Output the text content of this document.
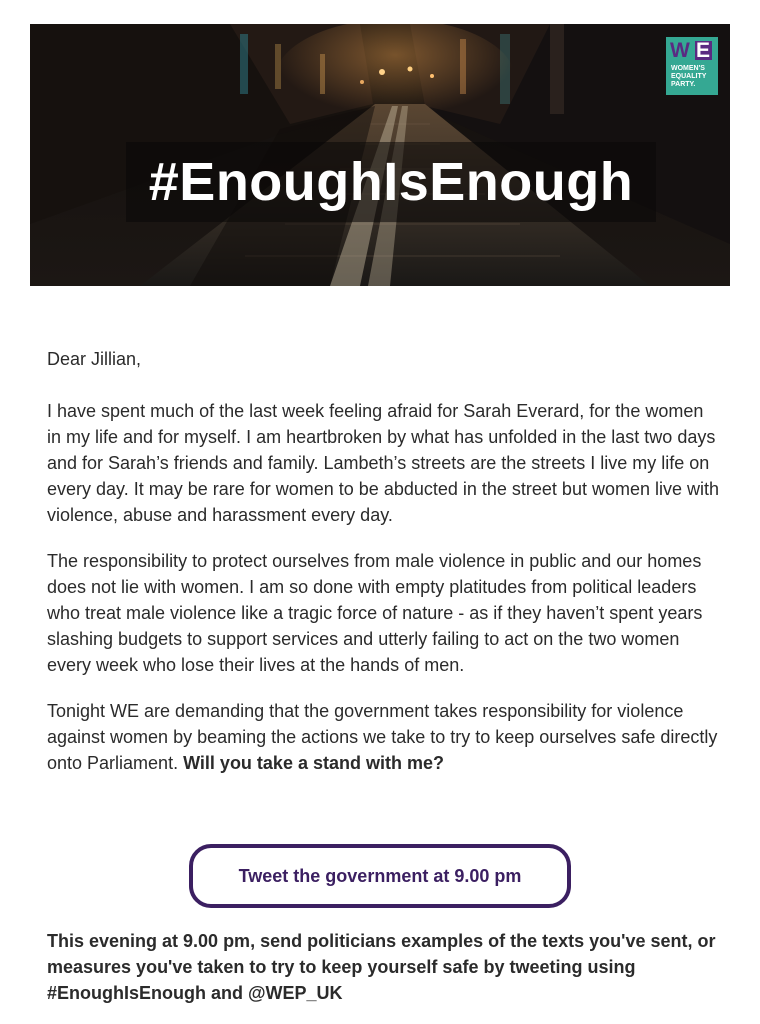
#EnoughIsEnough
W E
WOMEN'S
EQUALITY
PARTY.

Dear Jillian,

I have spent much of the last week feeling afraid for Sarah Everard, for the women in my life and for myself. I am heartbroken by what has unfolded in the last two days and for Sarah’s friends and family. Lambeth’s streets are the streets I live my life on every day. It may be rare for women to be abducted in the street but women live with violence, abuse and harassment every day.

The responsibility to protect ourselves from male violence in public and our homes does not lie with women. I am so done with empty platitudes from political leaders who treat male violence like a tragic force of nature - as if they haven’t spent years slashing budgets to support services and utterly failing to act on the two women every week who lose their lives at the hands of men.

Tonight WE are demanding that the government takes responsibility for violence against women by beaming the actions we take to try to keep ourselves safe directly onto Parliament. Will you take a stand with me?

Tweet the government at 9.00 pm
This evening at 9.00 pm, send politicians examples of the texts you've sent, or measures you've taken to try to keep yourself safe by tweeting using #EnoughIsEnough and @WEP_UK
